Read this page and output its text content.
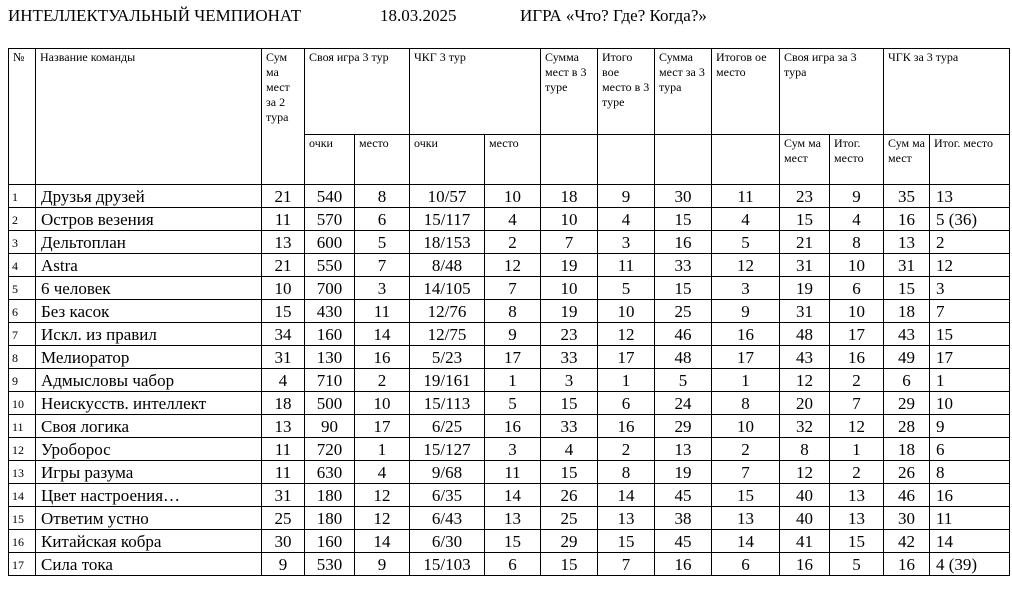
ИНТЕЛЛЕКТУАЛЬНЫЙ ЧЕМПИОНАТ	18.03.2025	ИГРА «Что? Где? Когда?»
№	Название команды	Сум ма мест за 2 тура	Своя игра 3 тур		ЧКГ 3 тур		Сумма мест в 3 туре	Итого вое место в 3 туре	Сумма мест за 3 тура	Итогов ое место	Своя игра за 3 тура		ЧГК за 3 тура	
			очки	место	очки	место					Сум ма мест	Итог. место	Сум ма мест	Итог. место
1	Друзья друзей	21	540	8	10/57	10	18	9	30	11	23	9	35	13
2	Остров везения	11	570	6	15/117	4	10	4	15	4	15	4	16	5 (36)
3	Дельтоплан	13	600	5	18/153	2	7	3	16	5	21	8	13	2
4	Astra	21	550	7	8/48	12	19	11	33	12	31	10	31	12
5	6 человек	10	700	3	14/105	7	10	5	15	3	19	6	15	3
6	Без касок	15	430	11	12/76	8	19	10	25	9	31	10	18	7
7	Искл. из правил	34	160	14	12/75	9	23	12	46	16	48	17	43	15
8	Мелиоратор	31	130	16	5/23	17	33	17	48	17	43	16	49	17
9	Адмысловы чабор	4	710	2	19/161	1	3	1	5	1	12	2	6	1
10	Неискусств. интеллект	18	500	10	15/113	5	15	6	24	8	20	7	29	10
11	Своя логика	13	90	17	6/25	16	33	16	29	10	32	12	28	9
12	Уроборос	11	720	1	15/127	3	4	2	13	2	8	1	18	6
13	Игры разума	11	630	4	9/68	11	15	8	19	7	12	2	26	8
14	Цвет настроения…	31	180	12	6/35	14	26	14	45	15	40	13	46	16
15	Ответим устно	25	180	12	6/43	13	25	13	38	13	40	13	30	11
16	Китайская кобра	30	160	14	6/30	15	29	15	45	14	41	15	42	14
17	Сила тока	9	530	9	15/103	6	15	7	16	6	16	5	16	4 (39)
